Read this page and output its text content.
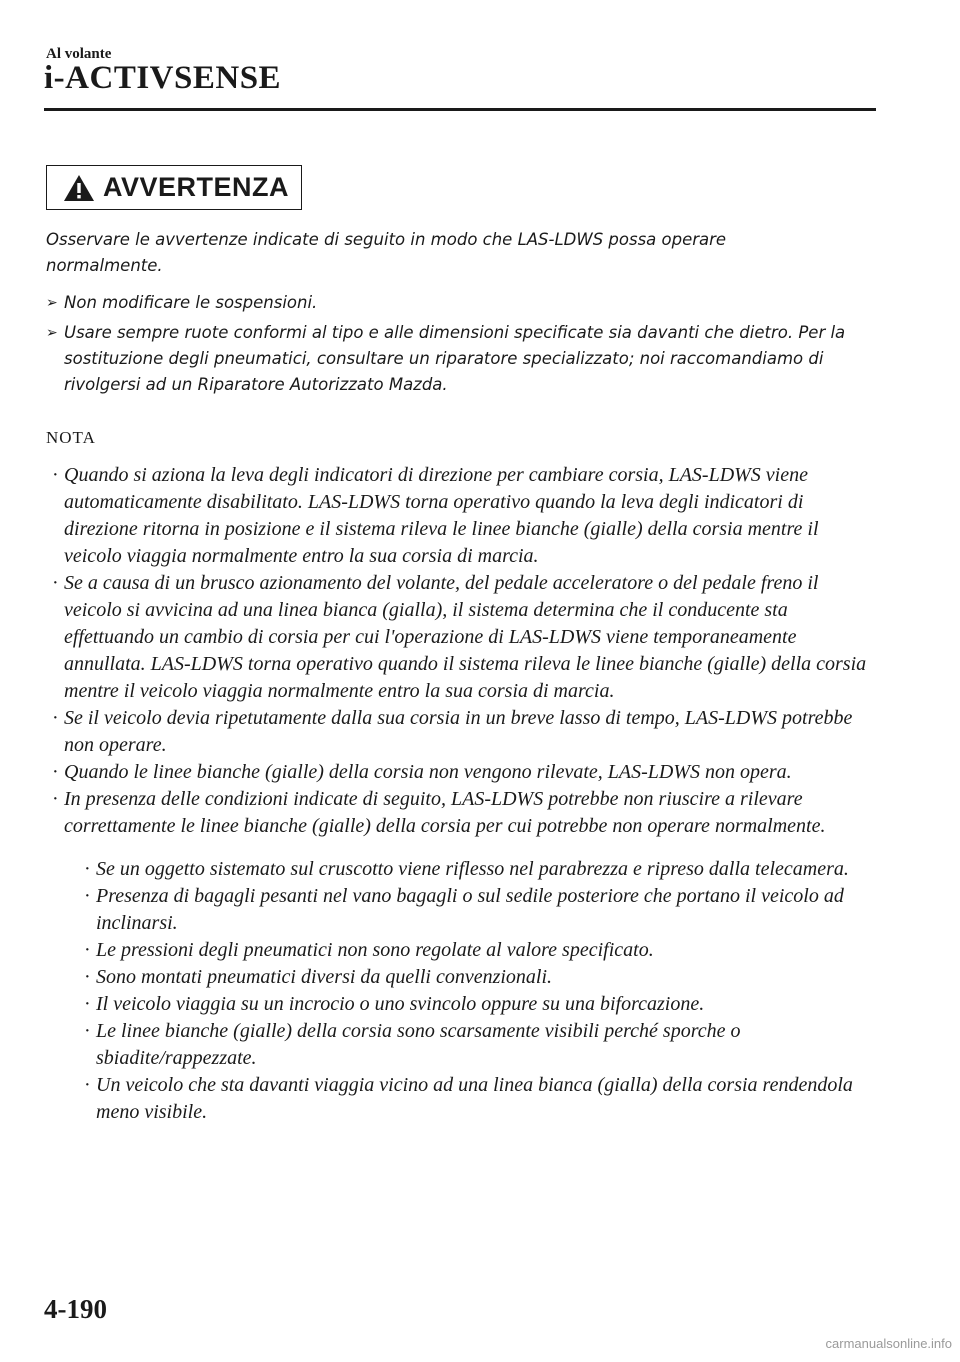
Al volante
i-ACTIVSENSE
AVVERTENZA

Osservare le avvertenze indicate di seguito in modo che LAS-LDWS possa operare normalmente.

➢ Non modificare le sospensioni.
➢ Usare sempre ruote conformi al tipo e alle dimensioni specificate sia davanti che dietro. Per la sostituzione degli pneumatici, consultare un riparatore specializzato; noi raccomandiamo di rivolgersi ad un Riparatore Autorizzato Mazda.
NOTA
· Quando si aziona la leva degli indicatori di direzione per cambiare corsia, LAS-LDWS viene automaticamente disabilitato. LAS-LDWS torna operativo quando la leva degli indicatori di direzione ritorna in posizione e il sistema rileva le linee bianche (gialle) della corsia mentre il veicolo viaggia normalmente entro la sua corsia di marcia.
· Se a causa di un brusco azionamento del volante, del pedale acceleratore o del pedale freno il veicolo si avvicina ad una linea bianca (gialla), il sistema determina che il conducente sta effettuando un cambio di corsia per cui l'operazione di LAS-LDWS viene temporaneamente annullata. LAS-LDWS torna operativo quando il sistema rileva le linee bianche (gialle) della corsia mentre il veicolo viaggia normalmente entro la sua corsia di marcia.
· Se il veicolo devia ripetutamente dalla sua corsia in un breve lasso di tempo, LAS-LDWS potrebbe non operare.
· Quando le linee bianche (gialle) della corsia non vengono rilevate, LAS-LDWS non opera.
· In presenza delle condizioni indicate di seguito, LAS-LDWS potrebbe non riuscire a rilevare correttamente le linee bianche (gialle) della corsia per cui potrebbe non operare normalmente.
· Se un oggetto sistemato sul cruscotto viene riflesso nel parabrezza e ripreso dalla telecamera.
· Presenza di bagagli pesanti nel vano bagagli o sul sedile posteriore che portano il veicolo ad inclinarsi.
· Le pressioni degli pneumatici non sono regolate al valore specificato.
· Sono montati pneumatici diversi da quelli convenzionali.
· Il veicolo viaggia su un incrocio o uno svincolo oppure su una biforcazione.
· Le linee bianche (gialle) della corsia sono scarsamente visibili perché sporche o sbiadite/rappezzate.
· Un veicolo che sta davanti viaggia vicino ad una linea bianca (gialla) della corsia rendendola meno visibile.
4-190
carmanualsonline.info
